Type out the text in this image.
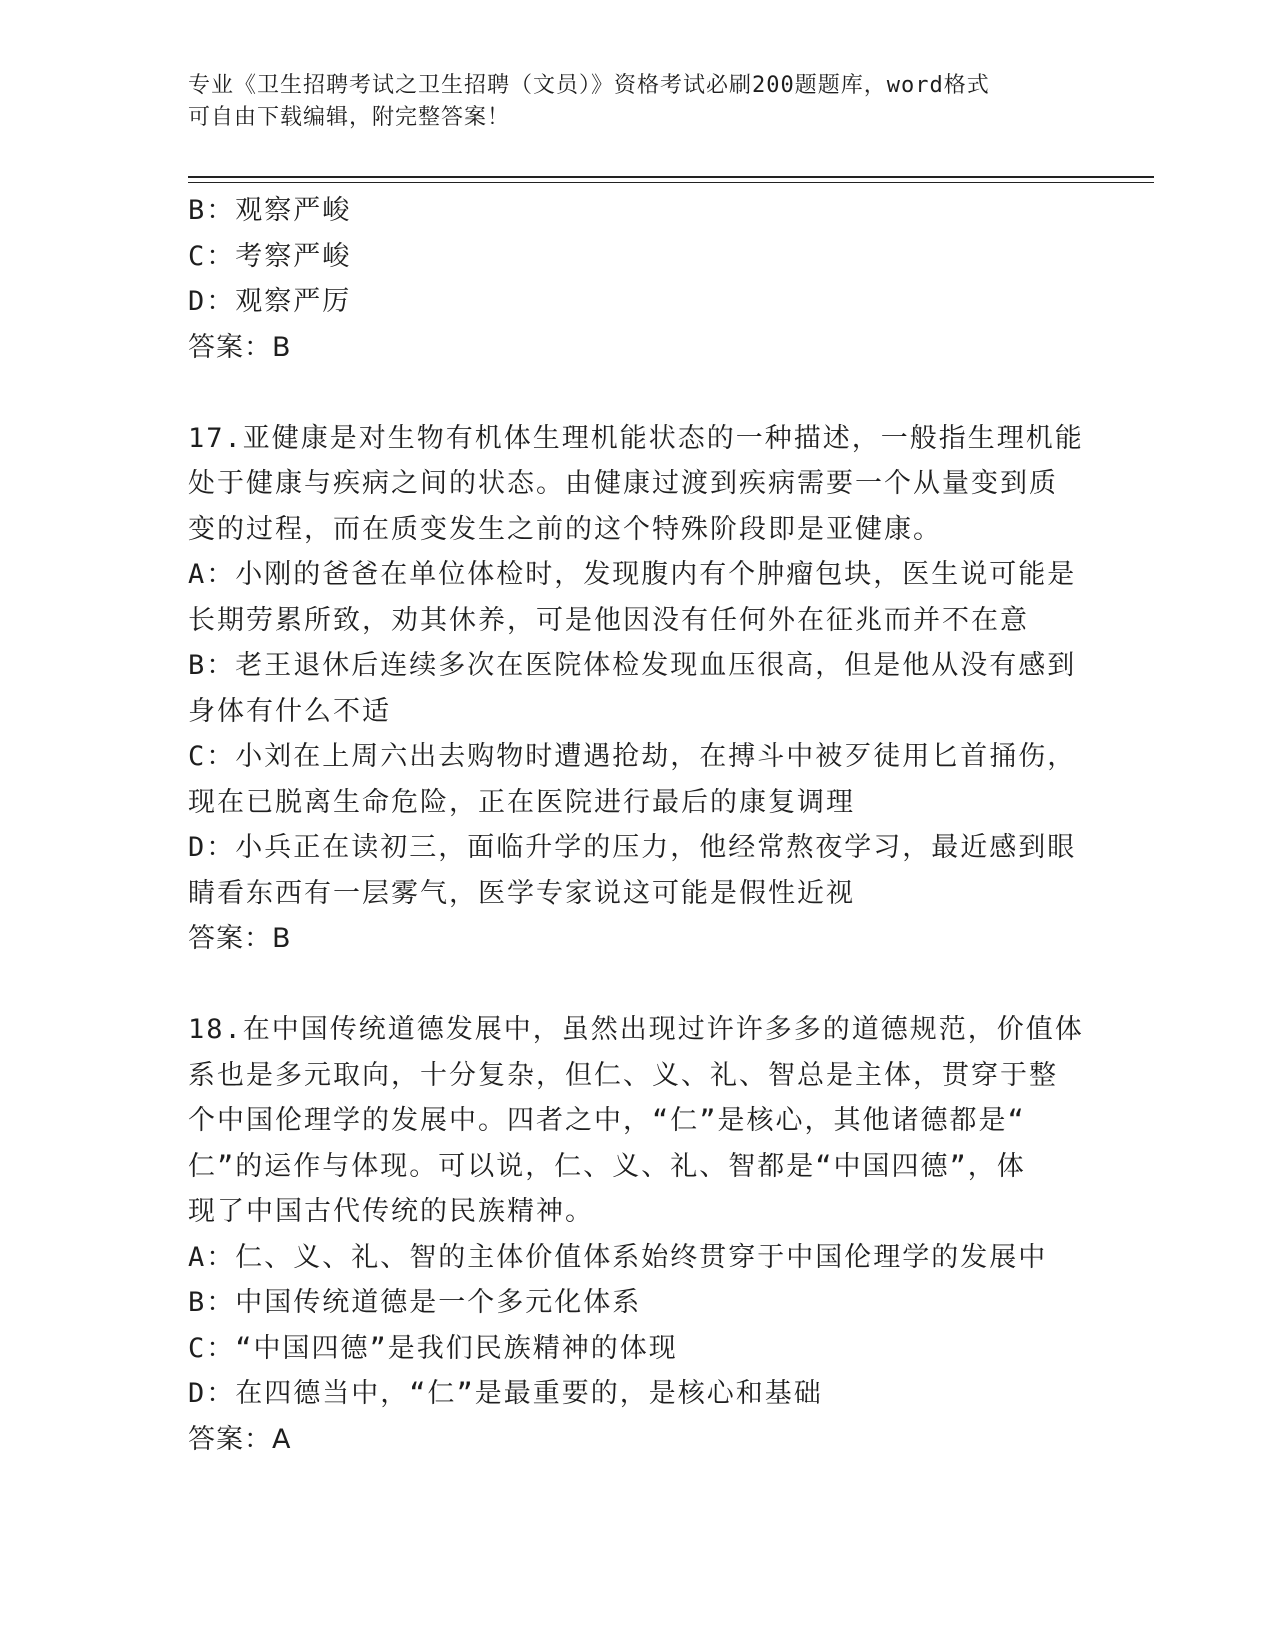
专业《卫生招聘考试之卫生招聘（文员）》资格考试必刷200题题库，word格式
可自由下载编辑，附完整答案！
B：观察严峻
C：考察严峻
D：观察严厉
答案：B
17.亚健康是对生物有机体生理机能状态的一种描述，一般指生理机能
处于健康与疾病之间的状态。由健康过渡到疾病需要一个从量变到质
变的过程，而在质变发生之前的这个特殊阶段即是亚健康。
A：小刚的爸爸在单位体检时，发现腹内有个肿瘤包块，医生说可能是
长期劳累所致，劝其休养，可是他因没有任何外在征兆而并不在意
B：老王退休后连续多次在医院体检发现血压很高，但是他从没有感到
身体有什么不适
C：小刘在上周六出去购物时遭遇抢劫，在搏斗中被歹徒用匕首捅伤，
现在已脱离生命危险，正在医院进行最后的康复调理
D：小兵正在读初三，面临升学的压力，他经常熬夜学习，最近感到眼
睛看东西有一层雾气，医学专家说这可能是假性近视
答案：B
18.在中国传统道德发展中，虽然出现过许许多多的道德规范，价值体
系也是多元取向，十分复杂，但仁、义、礼、智总是主体，贯穿于整
个中国伦理学的发展中。四者之中，“仁”是核心，其他诸德都是“
仁”的运作与体现。可以说，仁、义、礼、智都是“中国四德”，体
现了中国古代传统的民族精神。
A：仁、义、礼、智的主体价值体系始终贯穿于中国伦理学的发展中
B：中国传统道德是一个多元化体系
C：“中国四德”是我们民族精神的体现
D：在四德当中，“仁”是最重要的，是核心和基础
答案：A
